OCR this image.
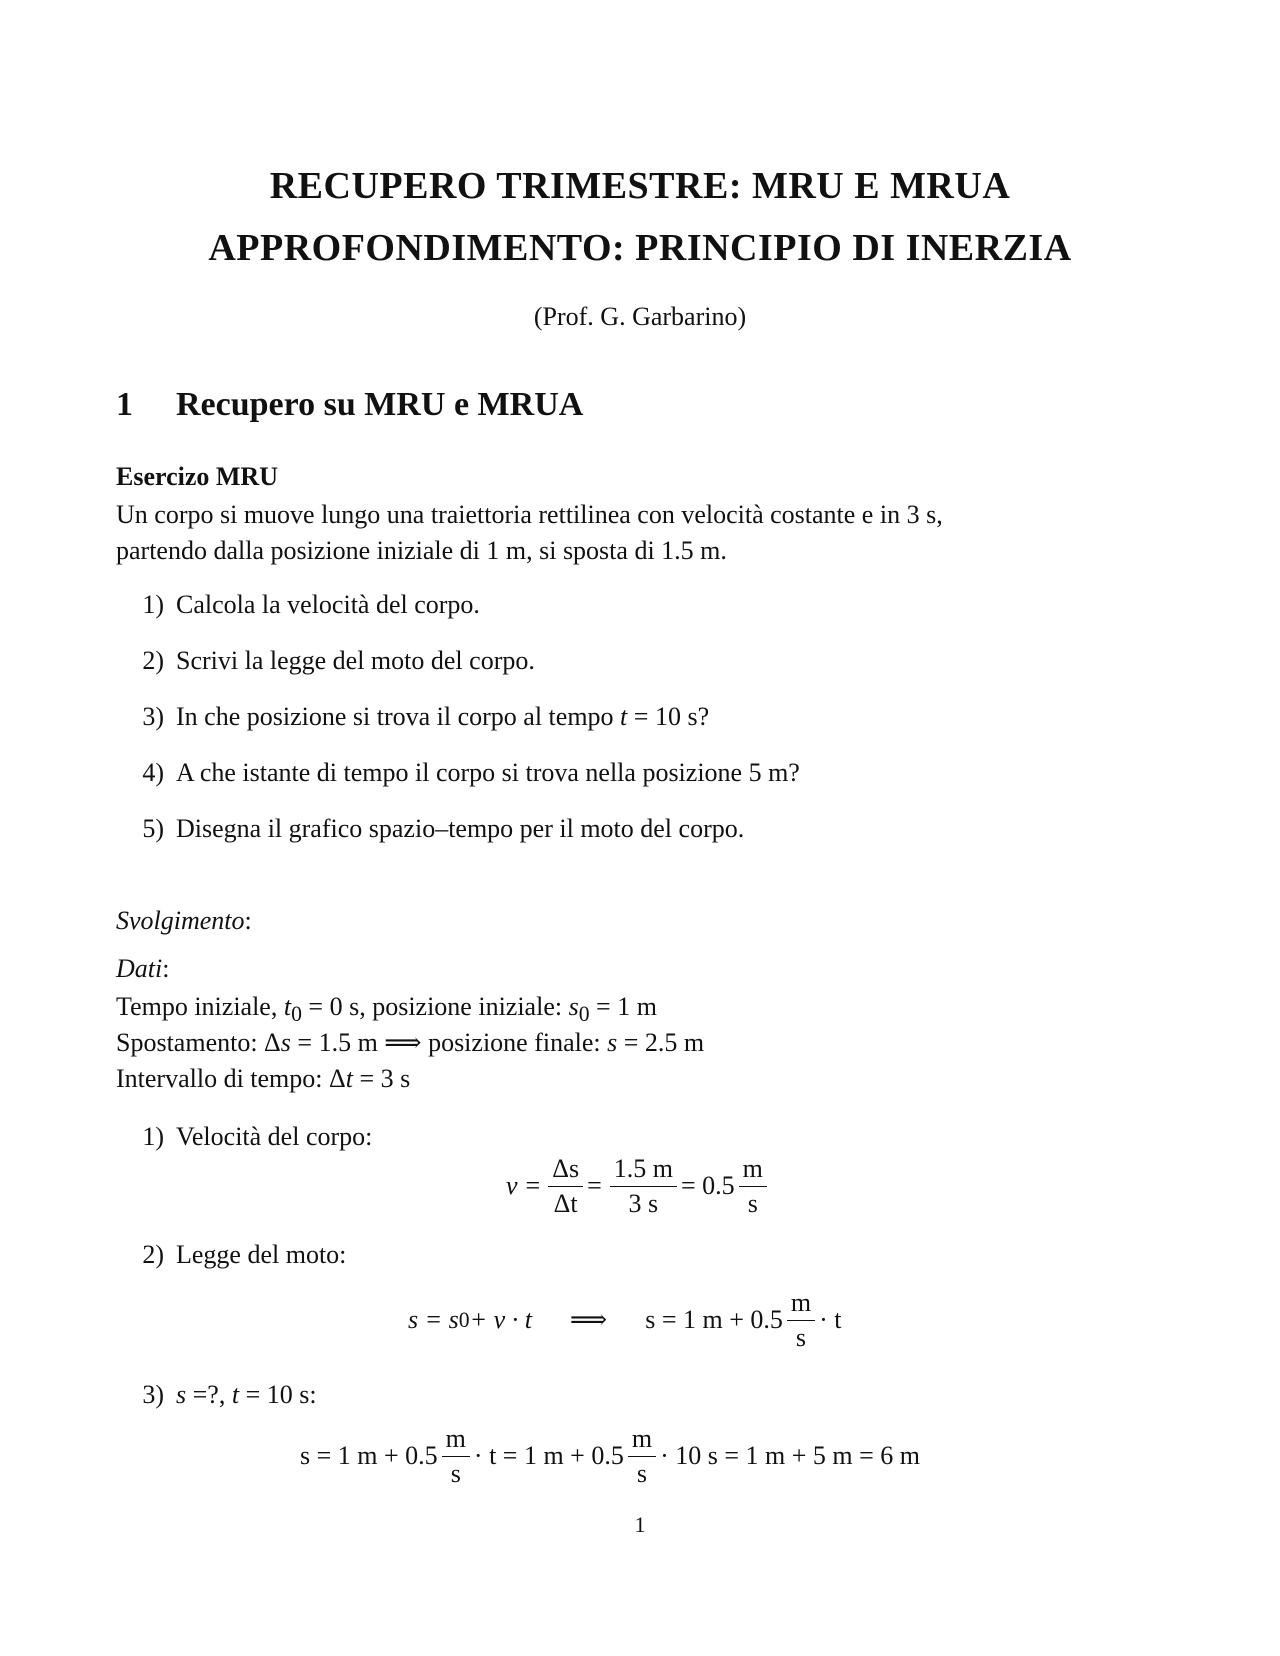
RECUPERO TRIMESTRE: MRU E MRUA
APPROFONDIMENTO: PRINCIPIO DI INERZIA
(Prof. G. Garbarino)
1 Recupero su MRU e MRUA
Esercizo MRU
Un corpo si muove lungo una traiettoria rettilinea con velocità costante e in 3 s,
partendo dalla posizione iniziale di 1 m, si sposta di 1.5 m.
1) Calcola la velocità del corpo.
2) Scrivi la legge del moto del corpo.
3) In che posizione si trova il corpo al tempo t = 10 s?
4) A che istante di tempo il corpo si trova nella posizione 5 m?
5) Disegna il grafico spazio–tempo per il moto del corpo.
Svolgimento:
Dati:
Tempo iniziale, $t_0 = 0$ s, posizione iniziale: $s_0 = 1$ m
Spostamento: Δs = 1.5 m ⟹ posizione finale: s = 2.5 m
Intervallo di tempo: Δt = 3 s
1) Velocità del corpo:
$v = \frac{\Delta s}{\Delta t} = \frac{1.5 m}{3 s} = 0.5 \frac{m}{s}$
2) Legge del moto:
s = s 0 + v · t ⟹ s = 1 $m + 0.5 \frac{m}{s} \cdot t$
3) s =?, t = 10 s:
s = 1 $m + 0.5 \frac{m}{s} \cdot t = 1$ $m + 0.5 \frac{m}{s} \cdot 10$ s = 1 m + 5 m = 6 m
1
